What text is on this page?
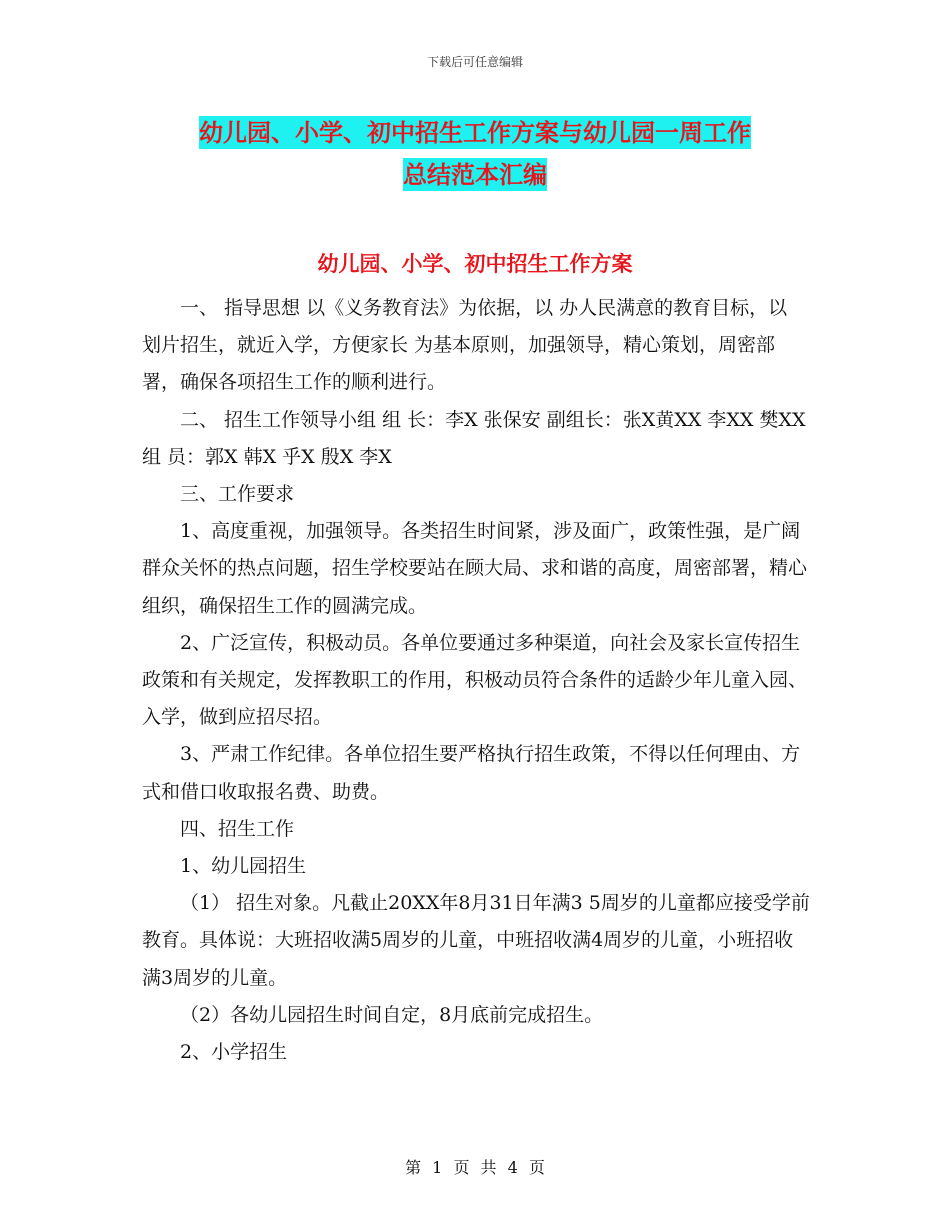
下载后可任意编辑
幼儿园、小学、初中招生工作方案与幼儿园一周工作
总结范本汇编
幼儿园、小学、初中招生工作方案

一、 指导思想 以《义务教育法》为依据，以 办人民满意的教育目标，以 划片招生，就近入学，方便家长 为基本原则，加强领导，精心策划，周密部署，确保各项招生工作的顺利进行。

二、 招生工作领导小组 组 长：李X 张保安 副组长：张X黄XX 李XX 樊XX 组 员：郭X 韩X 乎X 殷X 李X

三、工作要求

1、高度重视，加强领导。各类招生时间紧，涉及面广，政策性强，是广阔群众关怀的热点问题，招生学校要站在顾大局、求和谐的高度，周密部署，精心组织，确保招生工作的圆满完成。

2、广泛宣传，积极动员。各单位要通过多种渠道，向社会及家长宣传招生政策和有关规定，发挥教职工的作用，积极动员符合条件的适龄少年儿童入园、入学，做到应招尽招。

3、严肃工作纪律。各单位招生要严格执行招生政策，不得以任何理由、方式和借口收取报名费、助费。

四、招生工作

1、幼儿园招生

（1） 招生对象。凡截止20XX年8月31日年满3 5周岁的儿童都应接受学前教育。具体说：大班招收满5周岁的儿童，中班招收满4周岁的儿童，小班招收满3周岁的儿童。

（2）各幼儿园招生时间自定，8月底前完成招生。

2、小学招生

第 1 页 共 4 页
